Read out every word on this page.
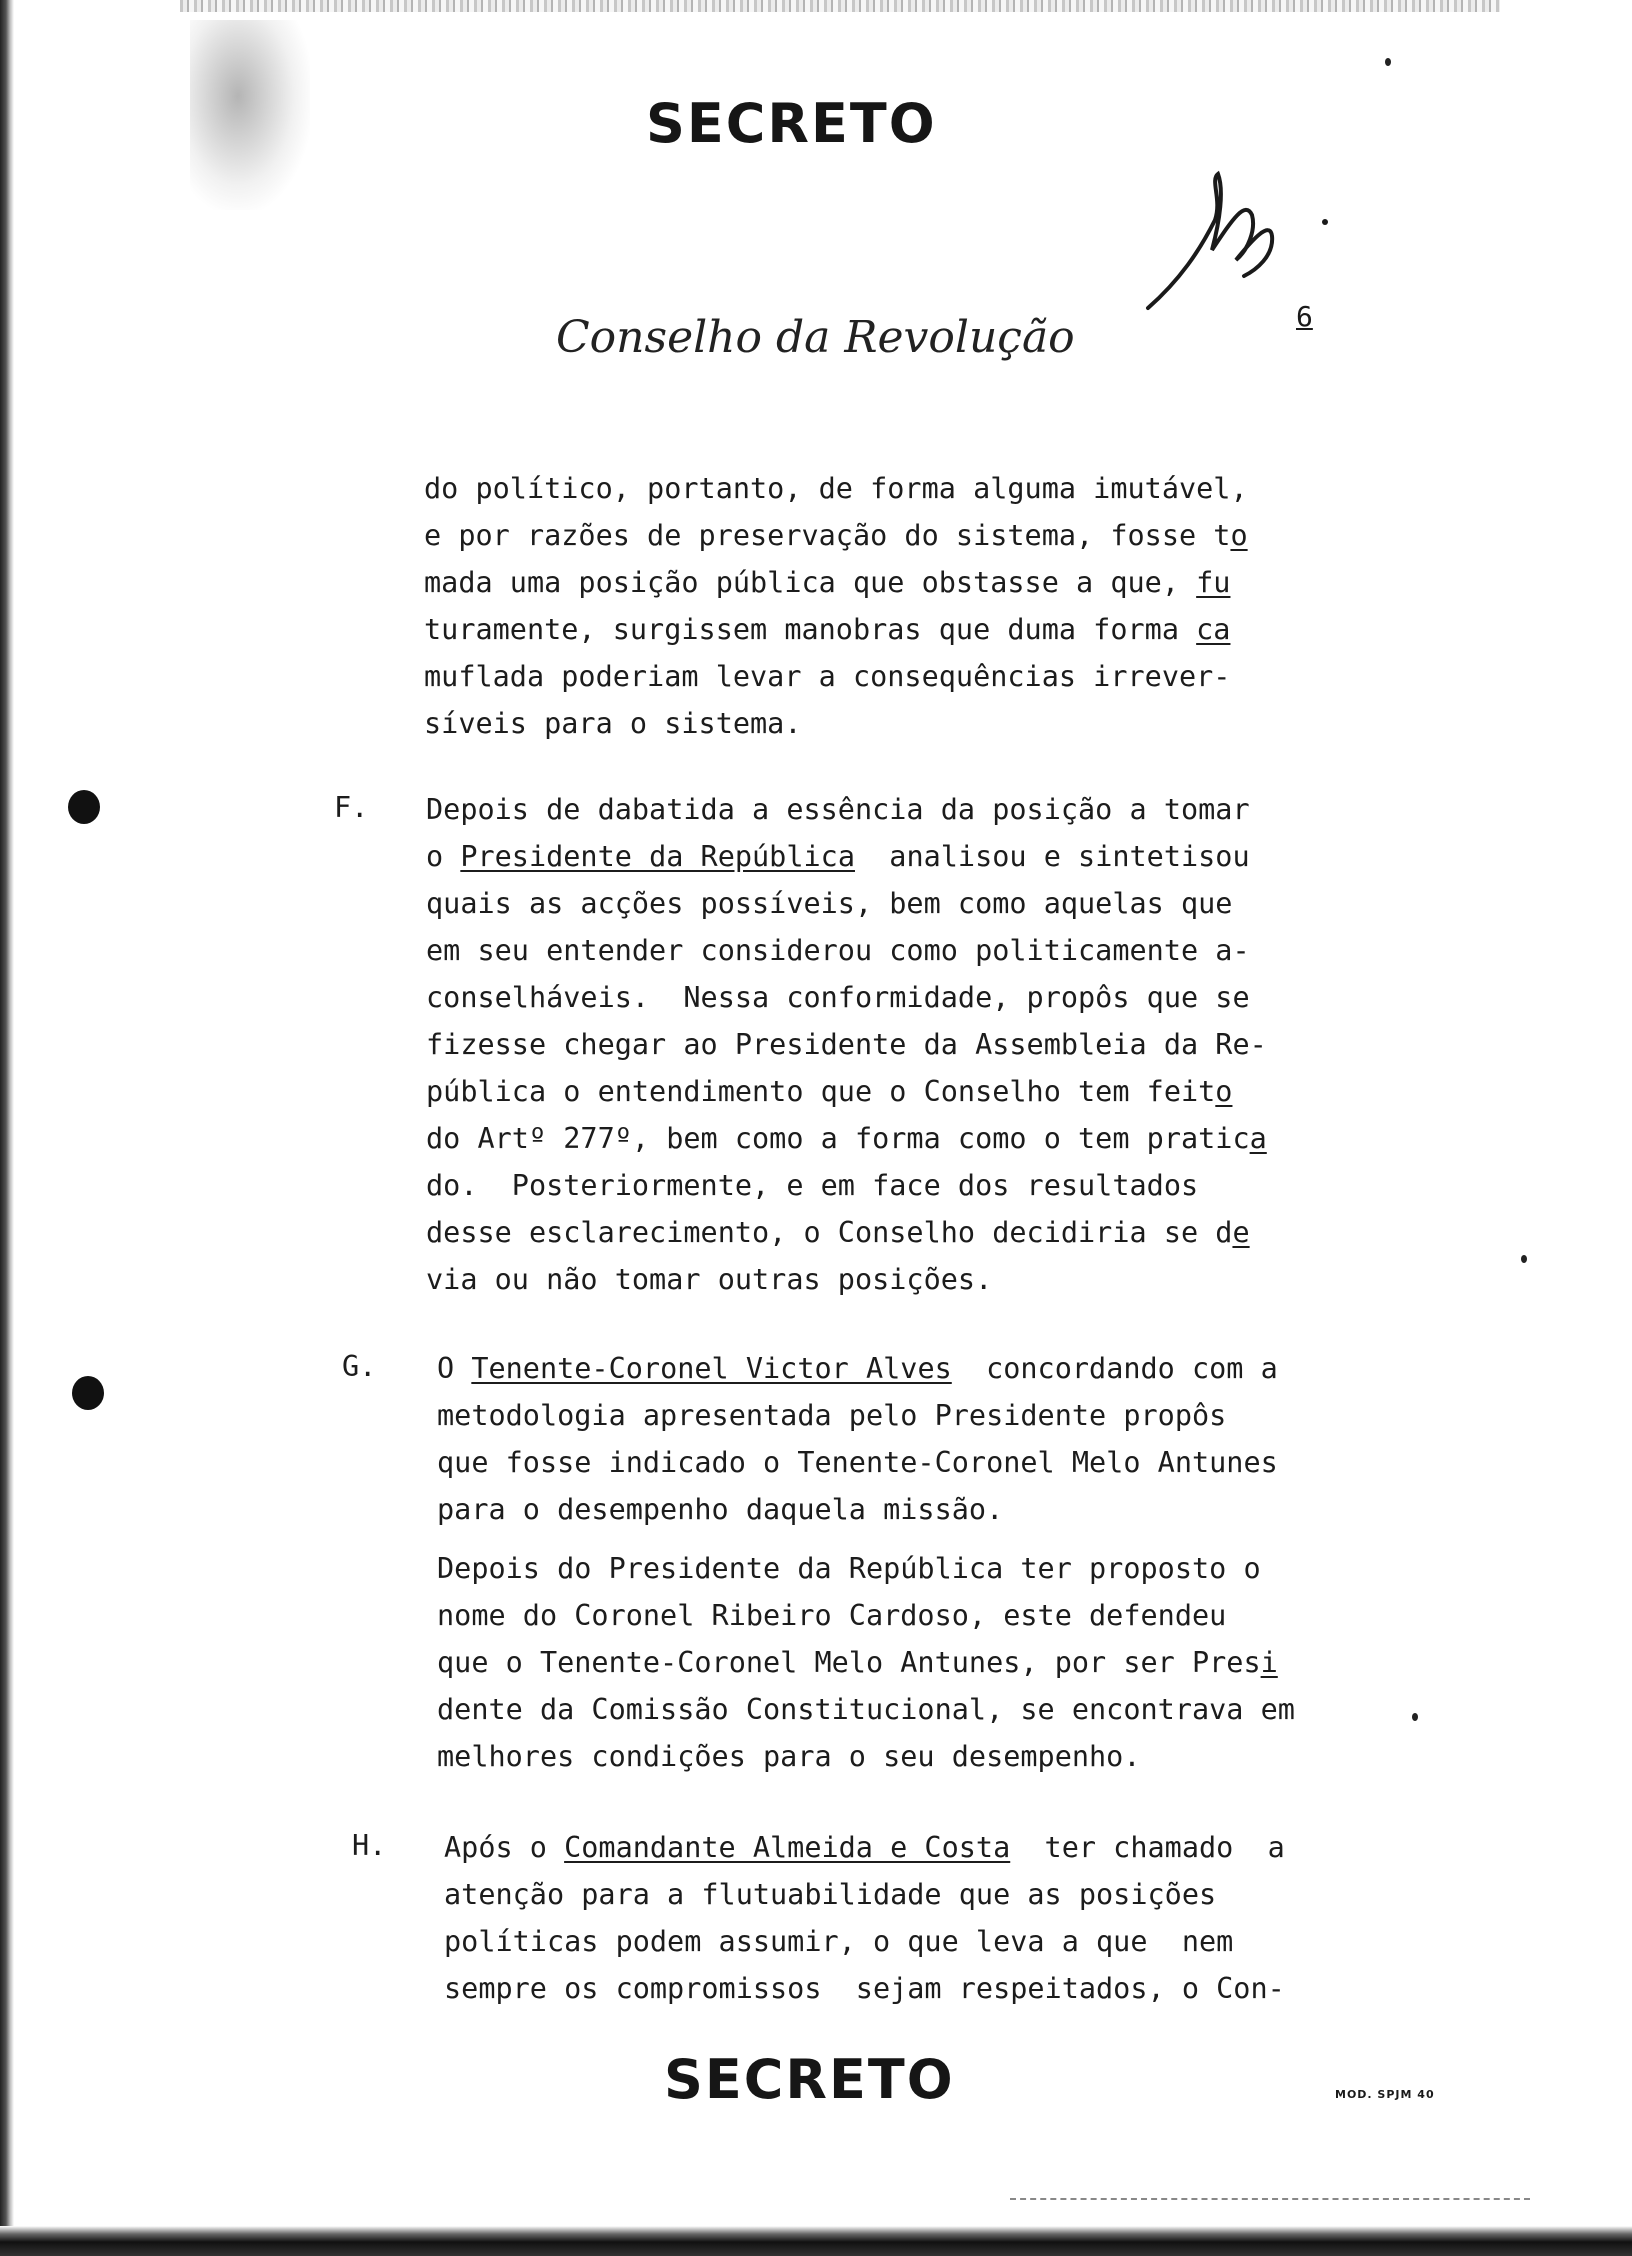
SECRETO
6
Conselho da Revolução
do político, portanto, de forma alguma imutável,
e por razões de preservação do sistema, fosse to
mada uma posição pública que obstasse a que, fu
turamente, surgissem manobras que duma forma ca
muflada poderiam levar a consequências irrever-
síveis para o sistema.
F. Depois de dabatida a essência da posição a tomar
o Presidente da República  analisou e sintetisou
quais as acções possíveis, bem como aquelas que
em seu entender considerou como politicamente a-
conselháveis.  Nessa conformidade, propôs que se
fizesse chegar ao Presidente da Assembleia da Re-
pública o entendimento que o Conselho tem feito
do Artº 277º, bem como a forma como o tem pratica
do.  Posteriormente, e em face dos resultados
desse esclarecimento, o Conselho decidiria se de
via ou não tomar outras posições.
G. O Tenente-Coronel Victor Alves  concordando com a
metodologia apresentada pelo Presidente propôs
que fosse indicado o Tenente-Coronel Melo Antunes
para o desempenho daquela missão.
Depois do Presidente da República ter proposto o
nome do Coronel Ribeiro Cardoso, este defendeu
que o Tenente-Coronel Melo Antunes, por ser Presi
dente da Comissão Constitucional, se encontrava em
melhores condições para o seu desempenho.
H. Após o Comandante Almeida e Costa  ter chamado  a
atenção para a flutuabilidade que as posições
políticas podem assumir, o que leva a que  nem
sempre os compromissos  sejam respeitados, o Con-
SECRETO	MOD. SPJM 40
